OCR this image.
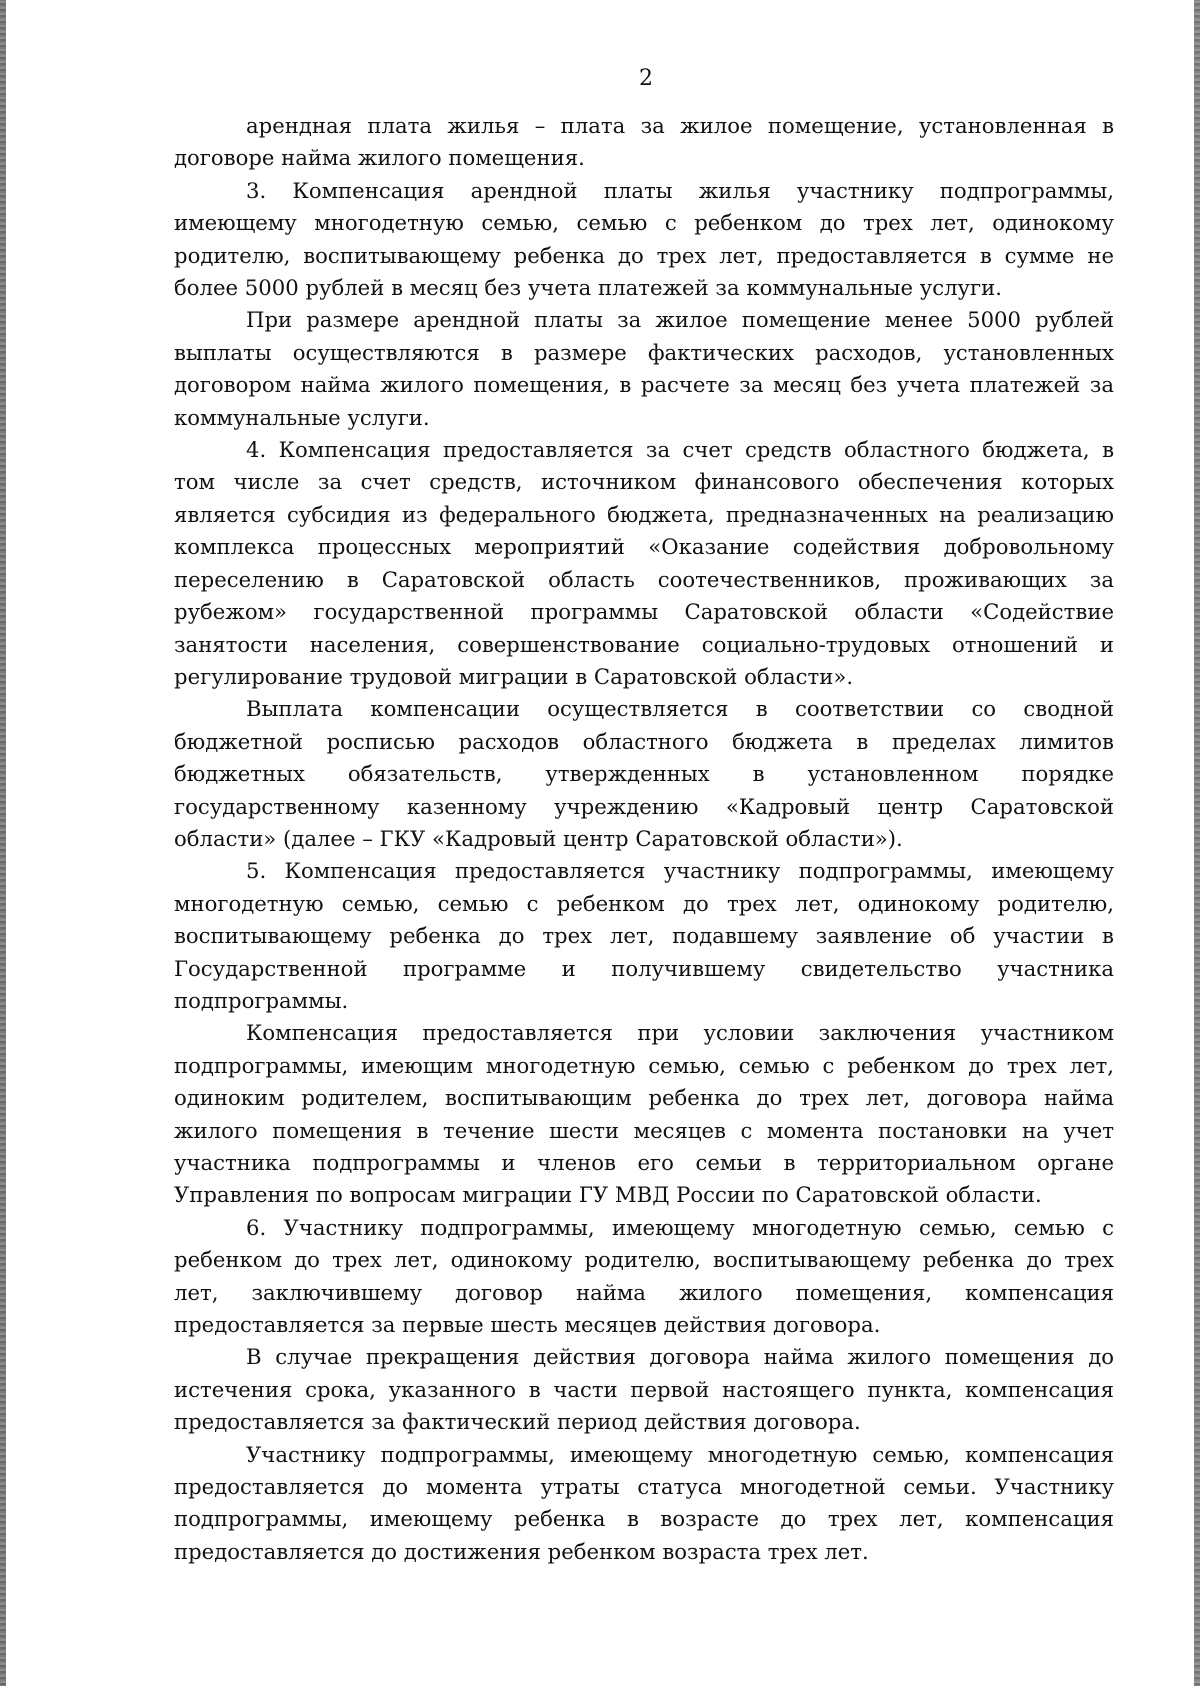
2

арендная плата жилья – плата за жилое помещение, установленная в договоре найма жилого помещения.

3. Компенсация арендной платы жилья участнику подпрограммы, имеющему многодетную семью, семью с ребенком до трех лет, одинокому родителю, воспитывающему ребенка до трех лет, предоставляется в сумме не более 5000 рублей в месяц без учета платежей за коммунальные услуги.

При размере арендной платы за жилое помещение менее 5000 рублей выплаты осуществляются в размере фактических расходов, установленных договором найма жилого помещения, в расчете за месяц без учета платежей за коммунальные услуги.

4. Компенсация предоставляется за счет средств областного бюджета, в том числе за счет средств, источником финансового обеспечения которых является субсидия из федерального бюджета, предназначенных на реализацию комплекса процессных мероприятий «Оказание содействия добровольному переселению в Саратовской область соотечественников, проживающих за рубежом» государственной программы Саратовской области «Содействие занятости населения, совершенствование социально-трудовых отношений и регулирование трудовой миграции в Саратовской области».

Выплата компенсации осуществляется в соответствии со сводной бюджетной росписью расходов областного бюджета в пределах лимитов бюджетных обязательств, утвержденных в установленном порядке государственному казенному учреждению «Кадровый центр Саратовской области» (далее – ГКУ «Кадровый центр Саратовской области»).

5. Компенсация предоставляется участнику подпрограммы, имеющему многодетную семью, семью с ребенком до трех лет, одинокому родителю, воспитывающему ребенка до трех лет, подавшему заявление об участии в Государственной программе и получившему свидетельство участника подпрограммы.

Компенсация предоставляется при условии заключения участником подпрограммы, имеющим многодетную семью, семью с ребенком до трех лет, одиноким родителем, воспитывающим ребенка до трех лет, договора найма жилого помещения в течение шести месяцев с момента постановки на учет участника подпрограммы и членов его семьи в территориальном органе Управления по вопросам миграции ГУ МВД России по Саратовской области.

6. Участнику подпрограммы, имеющему многодетную семью, семью с ребенком до трех лет, одинокому родителю, воспитывающему ребенка до трех лет, заключившему договор найма жилого помещения, компенсация предоставляется за первые шесть месяцев действия договора.

В случае прекращения действия договора найма жилого помещения до истечения срока, указанного в части первой настоящего пункта, компенсация предоставляется за фактический период действия договора.

Участнику подпрограммы, имеющему многодетную семью, компенсация предоставляется до момента утраты статуса многодетной семьи. Участнику подпрограммы, имеющему ребенка в возрасте до трех лет, компенсация предоставляется до достижения ребенком возраста трех лет.
